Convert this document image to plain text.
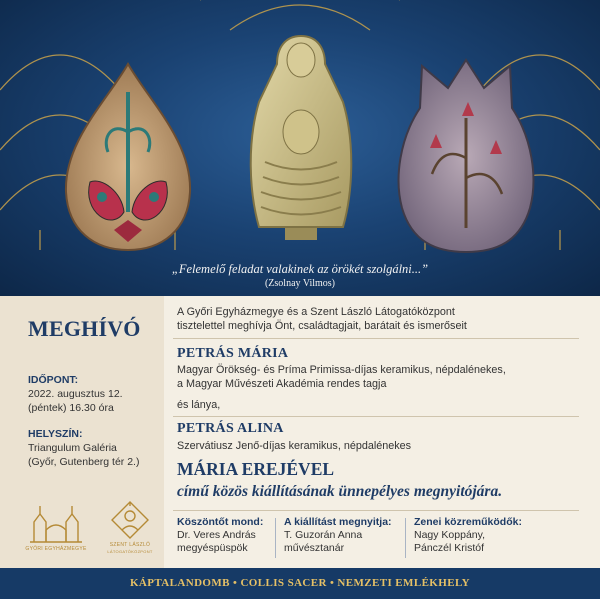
„Felemelő feladat valakinek az örökét szolgálni...”
(Zsolnay Vilmos)
MEGHÍVÓ
IDŐPONT:
2022. augusztus 12.
(péntek) 16.30 óra
HELYSZÍN:
Triangulum Galéria
(Győr, Gutenberg tér 2.)
GYŐRI EGYHÁZMEGYE
SZENT LÁSZLÓ
LÁTOGATÓKÖZPONT
A Győri Egyházmegye és a Szent László Látogatóközpont
tisztelettel meghívja Önt, családtagjait, barátait és ismerőseit
PETRÁS MÁRIA
Magyar Örökség- és Príma Primissa-díjas keramikus, népdalénekes,
a Magyar Művészeti Akadémia rendes tagja
és lánya,
PETRÁS ALINA
Szervátiusz Jenő-díjas keramikus, népdalénekes
MÁRIA EREJÉVEL
című közös kiállításának ünnepélyes megnyitójára.
Köszöntőt mond:
Dr. Veres András
megyéspüspök
A kiállítást megnyitja:
T. Guzorán Anna
művésztanár
Zenei közreműködők:
Nagy Koppány,
Pánczél Kristóf
KÁPTALANDOMB • COLLIS SACER • NEMZETI EMLÉKHELY
